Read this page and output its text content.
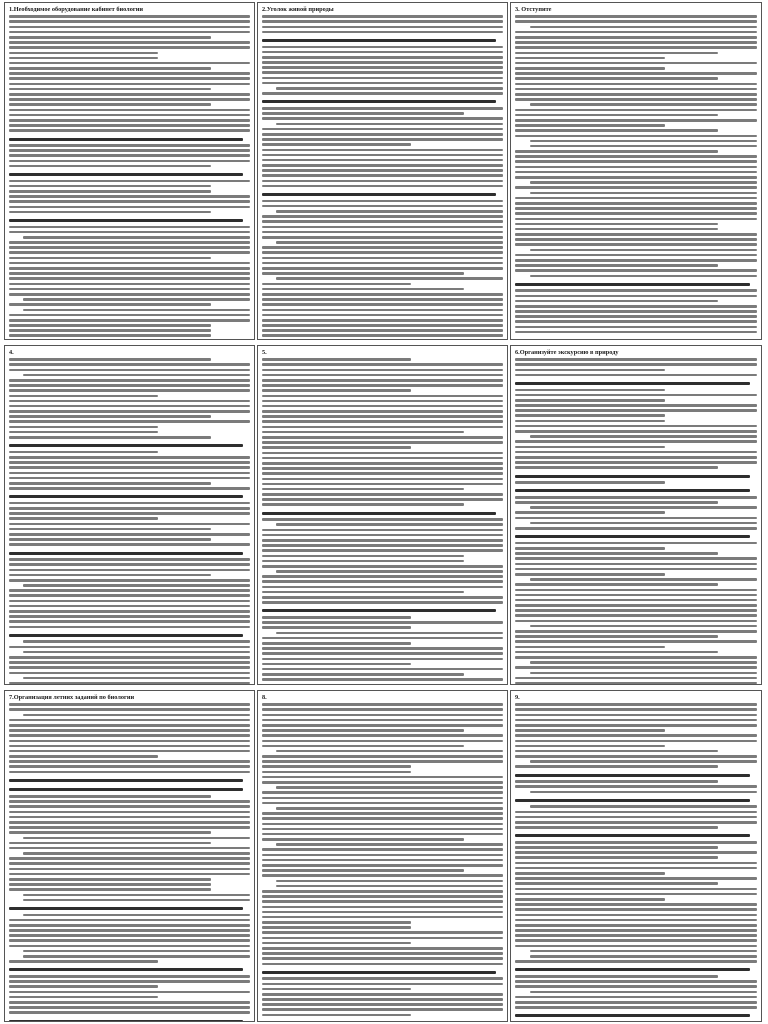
1.Необходимое оборудование кабинет биологии	2.Уголок живой природы	3. Отступите
4.	5.	6.Организуйте экскурсию в природу
7.Организация летних заданий по биологии	8.	9.
